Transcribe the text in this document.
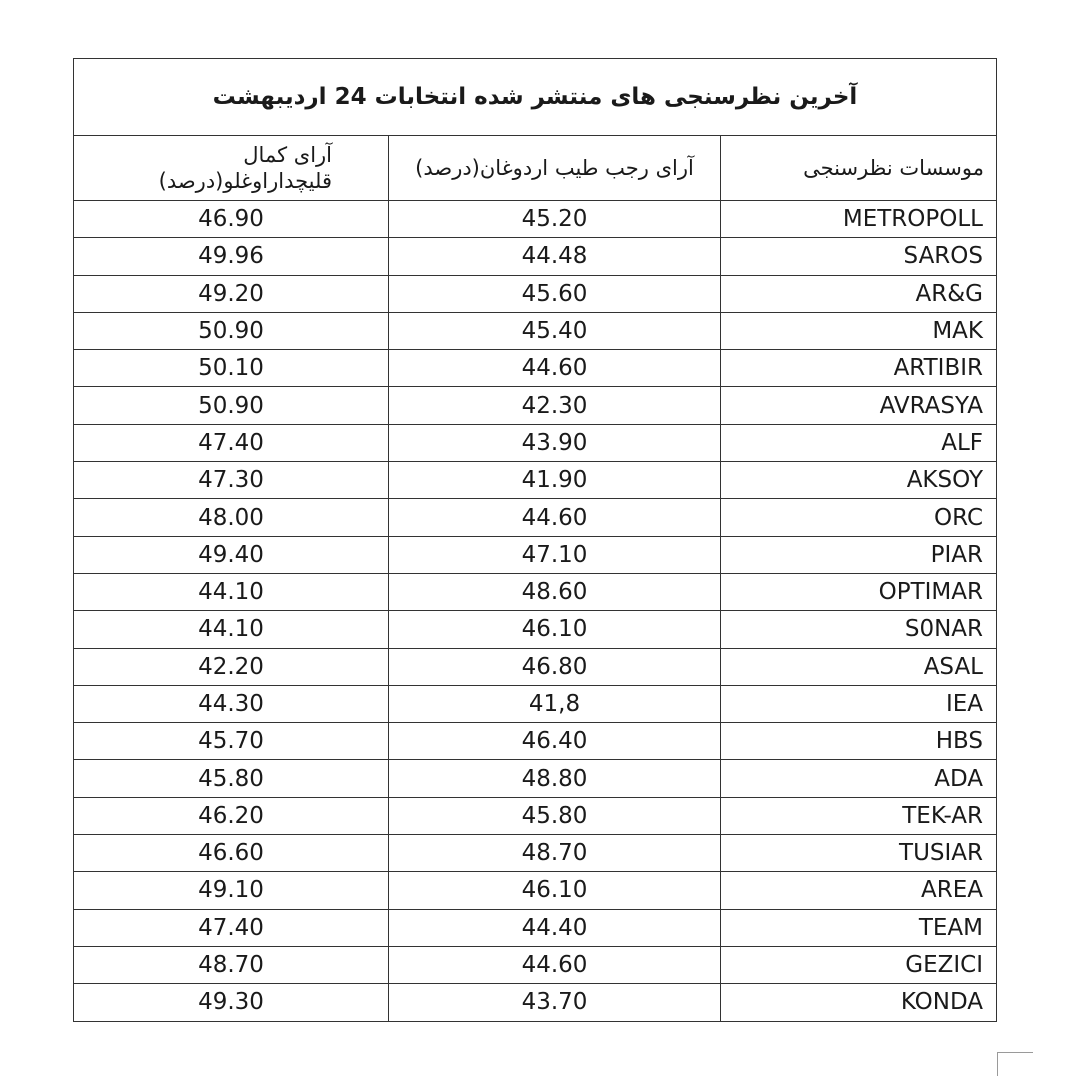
آخرین نظرسنجی های منتشر شده انتخابات 24 اردیبهشت		
آرای کمال قلیچداراوغلو(درصد)	آرای رجب طیب اردوغان(درصد)	موسسات نظرسنجی
46.90	45.20	METROPOLL
49.96	44.48	SAROS
49.20	45.60	AR&G
50.90	45.40	MAK
50.10	44.60	ARTIBIR
50.90	42.30	AVRASYA
47.40	43.90	ALF
47.30	41.90	AKSOY
48.00	44.60	ORC
49.40	47.10	PIAR
44.10	48.60	OPTIMAR
44.10	46.10	S0NAR
42.20	46.80	ASAL
44.30	41,8	IEA
45.70	46.40	HBS
45.80	48.80	ADA
46.20	45.80	TEK-AR
46.60	48.70	TUSIAR
49.10	46.10	AREA
47.40	44.40	TEAM
48.70	44.60	GEZICI
49.30	43.70	KONDA
